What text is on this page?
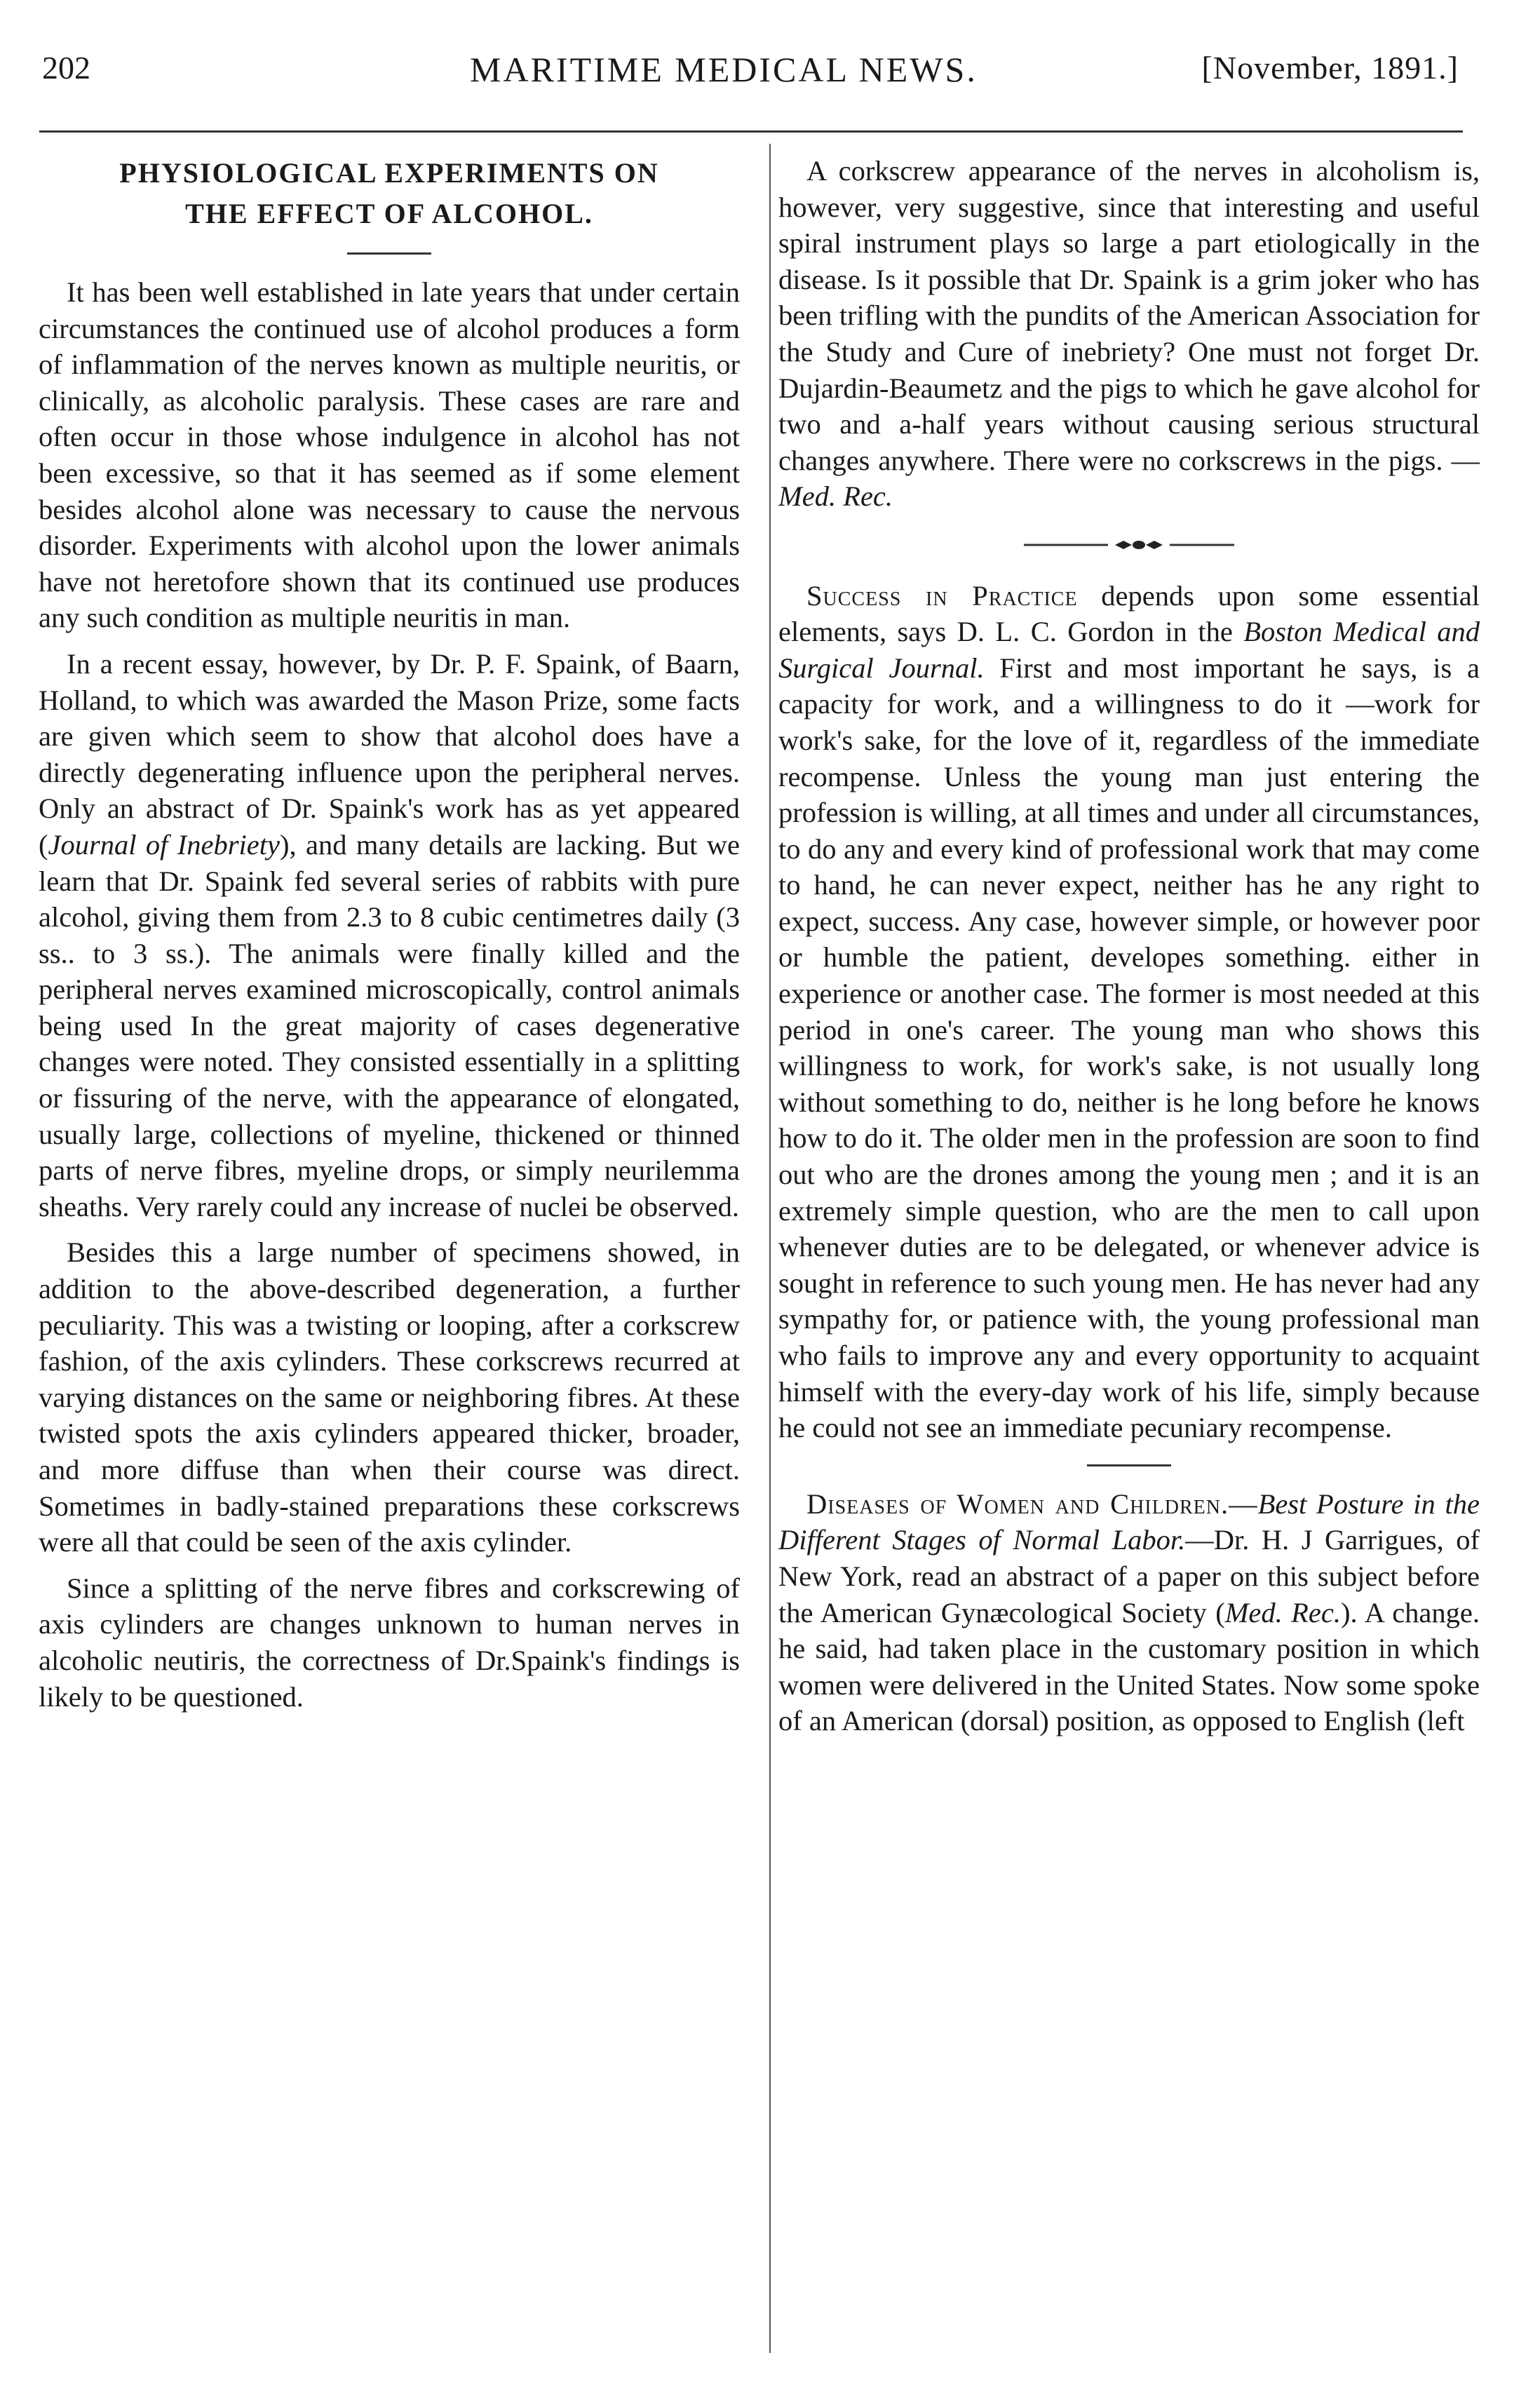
202	MARITIME MEDICAL NEWS.	[November, 1891.]
PHYSIOLOGICAL EXPERIMENTS ON
THE EFFECT OF ALCOHOL.

It has been well established in late years that under certain circumstances the continued use of alcohol produces a form of inflammation of the nerves known as multiple neuritis, or clinically, as alcoholic paralysis. These cases are rare and often occur in those whose indulgence in alcohol has not been excessive, so that it has seemed as if some element besides alcohol alone was necessary to cause the nervous disorder. Experiments with alcohol upon the lower animals have not heretofore shown that its continued use produces any such condition as multiple neuritis in man.

In a recent essay, however, by Dr. P. F. Spaink, of Baarn, Holland, to which was awarded the Mason Prize, some facts are given which seem to show that alcohol does have a directly degenerating influence upon the peripheral nerves. Only an abstract of Dr. Spaink's work has as yet appeared (Journal of Inebriety), and many details are lacking. But we learn that Dr. Spaink fed several series of rabbits with pure alcohol, giving them from 2.3 to 8 cubic centimetres daily (3 ss.. to 3 ss.). The animals were finally killed and the peripheral nerves examined microscopically, control animals being used In the great majority of cases degenerative changes were noted. They consisted essentially in a splitting or fissuring of the nerve, with the appearance of elongated, usually large, collections of myeline, thickened or thinned parts of nerve fibres, myeline drops, or simply neurilemma sheaths. Very rarely could any increase of nuclei be observed.

Besides this a large number of specimens showed, in addition to the above-described degeneration, a further peculiarity. This was a twisting or looping, after a corkscrew fashion, of the axis cylinders. These corkscrews recurred at varying distances on the same or neighboring fibres. At these twisted spots the axis cylinders appeared thicker, broader, and more diffuse than when their course was direct. Sometimes in badly-stained preparations these corkscrews were all that could be seen of the axis cylinder.

Since a splitting of the nerve fibres and corkscrewing of axis cylinders are changes unknown to human nerves in alcoholic neutiris, the correctness of Dr.Spaink's findings is likely to be questioned.

A corkscrew appearance of the nerves in alcoholism is, however, very suggestive, since that interesting and useful spiral instrument plays so large a part etiologically in the disease. Is it possible that Dr. Spaink is a grim joker who has been trifling with the pundits of the American Association for the Study and Cure of inebriety? One must not forget Dr. Dujardin-Beaumetz and the pigs to which he gave alcohol for two and a-half years without causing serious structural changes anywhere. There were no corkscrews in the pigs. —Med. Rec.

Success in Practice depends upon some essential elements, says D. L. C. Gordon in the Boston Medical and Surgical Journal. First and most important he says, is a capacity for work, and a willingness to do it —work for work's sake, for the love of it, regardless of the immediate recompense. Unless the young man just entering the profession is willing, at all times and under all circumstances, to do any and every kind of professional work that may come to hand, he can never expect, neither has he any right to expect, success. Any case, however simple, or however poor or humble the patient, developes something. either in experience or another case. The former is most needed at this period in one's career. The young man who shows this willingness to work, for work's sake, is not usually long without something to do, neither is he long before he knows how to do it. The older men in the profession are soon to find out who are the drones among the young men ; and it is an extremely simple question, who are the men to call upon whenever duties are to be delegated, or whenever advice is sought in reference to such young men. He has never had any sympathy for, or patience with, the young professional man who fails to improve any and every opportunity to acquaint himself with the every-day work of his life, simply because he could not see an immediate pecuniary recompense.

Diseases of Women and Children.—Best Posture in the Different Stages of Normal Labor.—Dr. H. J Garrigues, of New York, read an abstract of a paper on this subject before the American Gynæcological Society (Med. Rec.). A change. he said, had taken place in the customary position in which women were delivered in the United States. Now some spoke of an American (dorsal) position, as opposed to English (left
